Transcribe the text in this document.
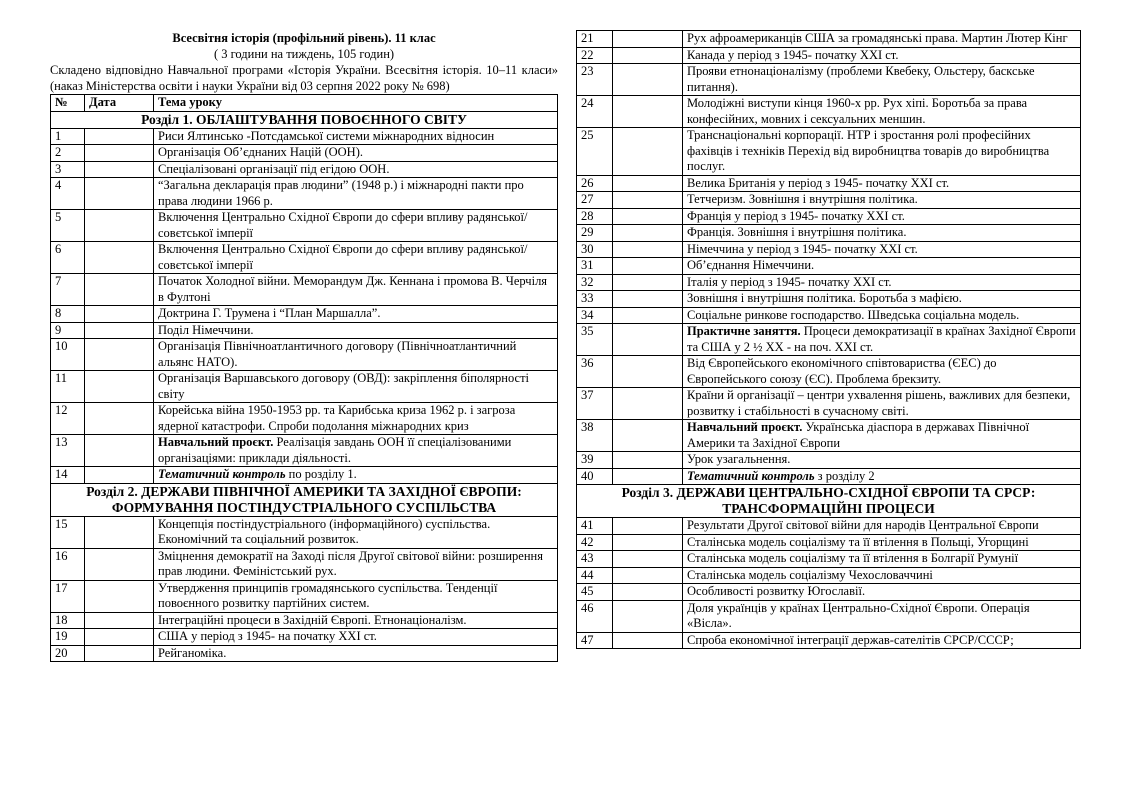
Всесвітня історія (профільний рівень). 11 клас
( 3 години на тиждень, 105 годин)
Складено відповідно Навчальної програми «Історія України. Всесвітня історія. 10–11 класи» (наказ Міністерства освіти і науки України від 03 серпня 2022 року № 698)
№	Дата	Тема уроку
Розділ 1. ОБЛАШТУВАННЯ ПОВОЄННОГО СВІТУ		
1		Риси Ялтинсько -Потсдамської системи міжнародних відносин
2		Організація Об’єднаних Націй (ООН).
3		Спеціалізовані організації під егідою ООН.
4		“Загальна декларація прав людини” (1948 р.) і міжнародні пакти про права людини 1966 р.
5		Включення Центрально Східної Європи до сфери впливу радянської/совєтської імперії
6		Включення Центрально Східної Європи до сфери впливу радянської/совєтської імперії
7		Початок Холодної війни. Меморандум Дж. Кеннана і промова В. Черчіля в Фултоні
8		Доктрина Г. Трумена і “План Маршалла”.
9		Поділ Німеччини.
10		Організація Північноатлантичного договору (Північноатлантичний альянс НАТО).
11		Організація Варшавського договору (ОВД): закріплення біполярності світу
12		Корейська війна 1950-1953 рр. та Карибська криза 1962 р. і загроза ядерної катастрофи. Спроби подолання міжнародних криз
13		Навчальний проєкт. Реалізація завдань ООН її спеціалізованими організаціями: приклади діяльності.
14		Тематичний контроль по розділу 1.
Розділ 2. ДЕРЖАВИ ПІВНІЧНОЇ АМЕРИКИ ТА ЗАХІДНОЇ ЄВРОПИ: ФОРМУВАННЯ ПОСТІНДУСТРІАЛЬНОГО СУСПІЛЬСТВА		
15		Концепція постіндустріального (інформаційного) суспільства. Економічний та соціальний розвиток.
16		Зміцнення демократії на Заході після Другої світової війни: розширення прав людини. Феміністський рух.
17		Утвердження принципів громадянського суспільства. Тенденції повоєнного розвитку партійних систем.
18		Інтеграційні процеси в Західній Європі. Етнонаціоналізм.
19		США у період з 1945- на початку ХХІ ст.
20		Рейганоміка.
21		Рух афроамериканців США за громадянські права. Мартин Лютер Кінг
22		Канада у період з 1945- початку ХХІ ст.
23		Прояви етнонаціоналізму (проблеми Квебеку, Ольстеру, баскське питання).
24		Молодіжні виступи кінця 1960-х рр. Рух хіпі. Боротьба за права конфесійних, мовних і сексуальних меншин.
25		Транснаціональні корпорації. НТР і зростання ролі професійних фахівців і техніків Перехід від виробництва товарів до виробництва послуг.
26		Велика Британія у період з 1945- початку ХХІ ст.
27		Тетчеризм. Зовнішня і внутрішня політика.
28		Франція у період з 1945- початку ХХІ ст.
29		Франція. Зовнішня і внутрішня політика.
30		Німеччина у період з 1945- початку ХХІ ст.
31		Об’єднання Німеччини.
32		Італія у період з 1945- початку ХХІ ст.
33		Зовнішня і внутрішня політика. Боротьба з мафією.
34		Соціальне ринкове господарство. Шведська соціальна модель.
35		Практичне заняття. Процеси демократизації в країнах Західної Європи та США у 2 ½ ХХ - на поч. ХХІ ст.
36		Від Європейського економічного співтовариства (ЄЕС) до Європейського союзу (ЄС). Проблема брекзиту.
37		Країни й організації – центри ухвалення рішень, важливих для безпеки, розвитку і стабільності в сучасному світі.
38		Навчальний проєкт. Українська діаспора в державах Північної Америки та Західної Європи
39		Урок узагальнення.
40		Тематичний контроль з розділу 2
Розділ 3. ДЕРЖАВИ ЦЕНТРАЛЬНО-СХІДНОЇ ЄВРОПИ ТА СРСР: ТРАНСФОРМАЦІЙНІ ПРОЦЕСИ		
41		Результати Другої світової війни для народів Центральної Європи
42		Сталінська модель соціалізму та її втілення в Польщі, Угорщині
43		Сталінська модель соціалізму та її втілення в Болгарії Румунії
44		Сталінська модель соціалізму Чехословаччині
45		Особливості розвитку Югославії.
46		Доля українців у країнах Центрально-Східної Європи. Операція «Вісла».
47		Спроба економічної інтеграції держав-сателітів СРСР/СССР;
